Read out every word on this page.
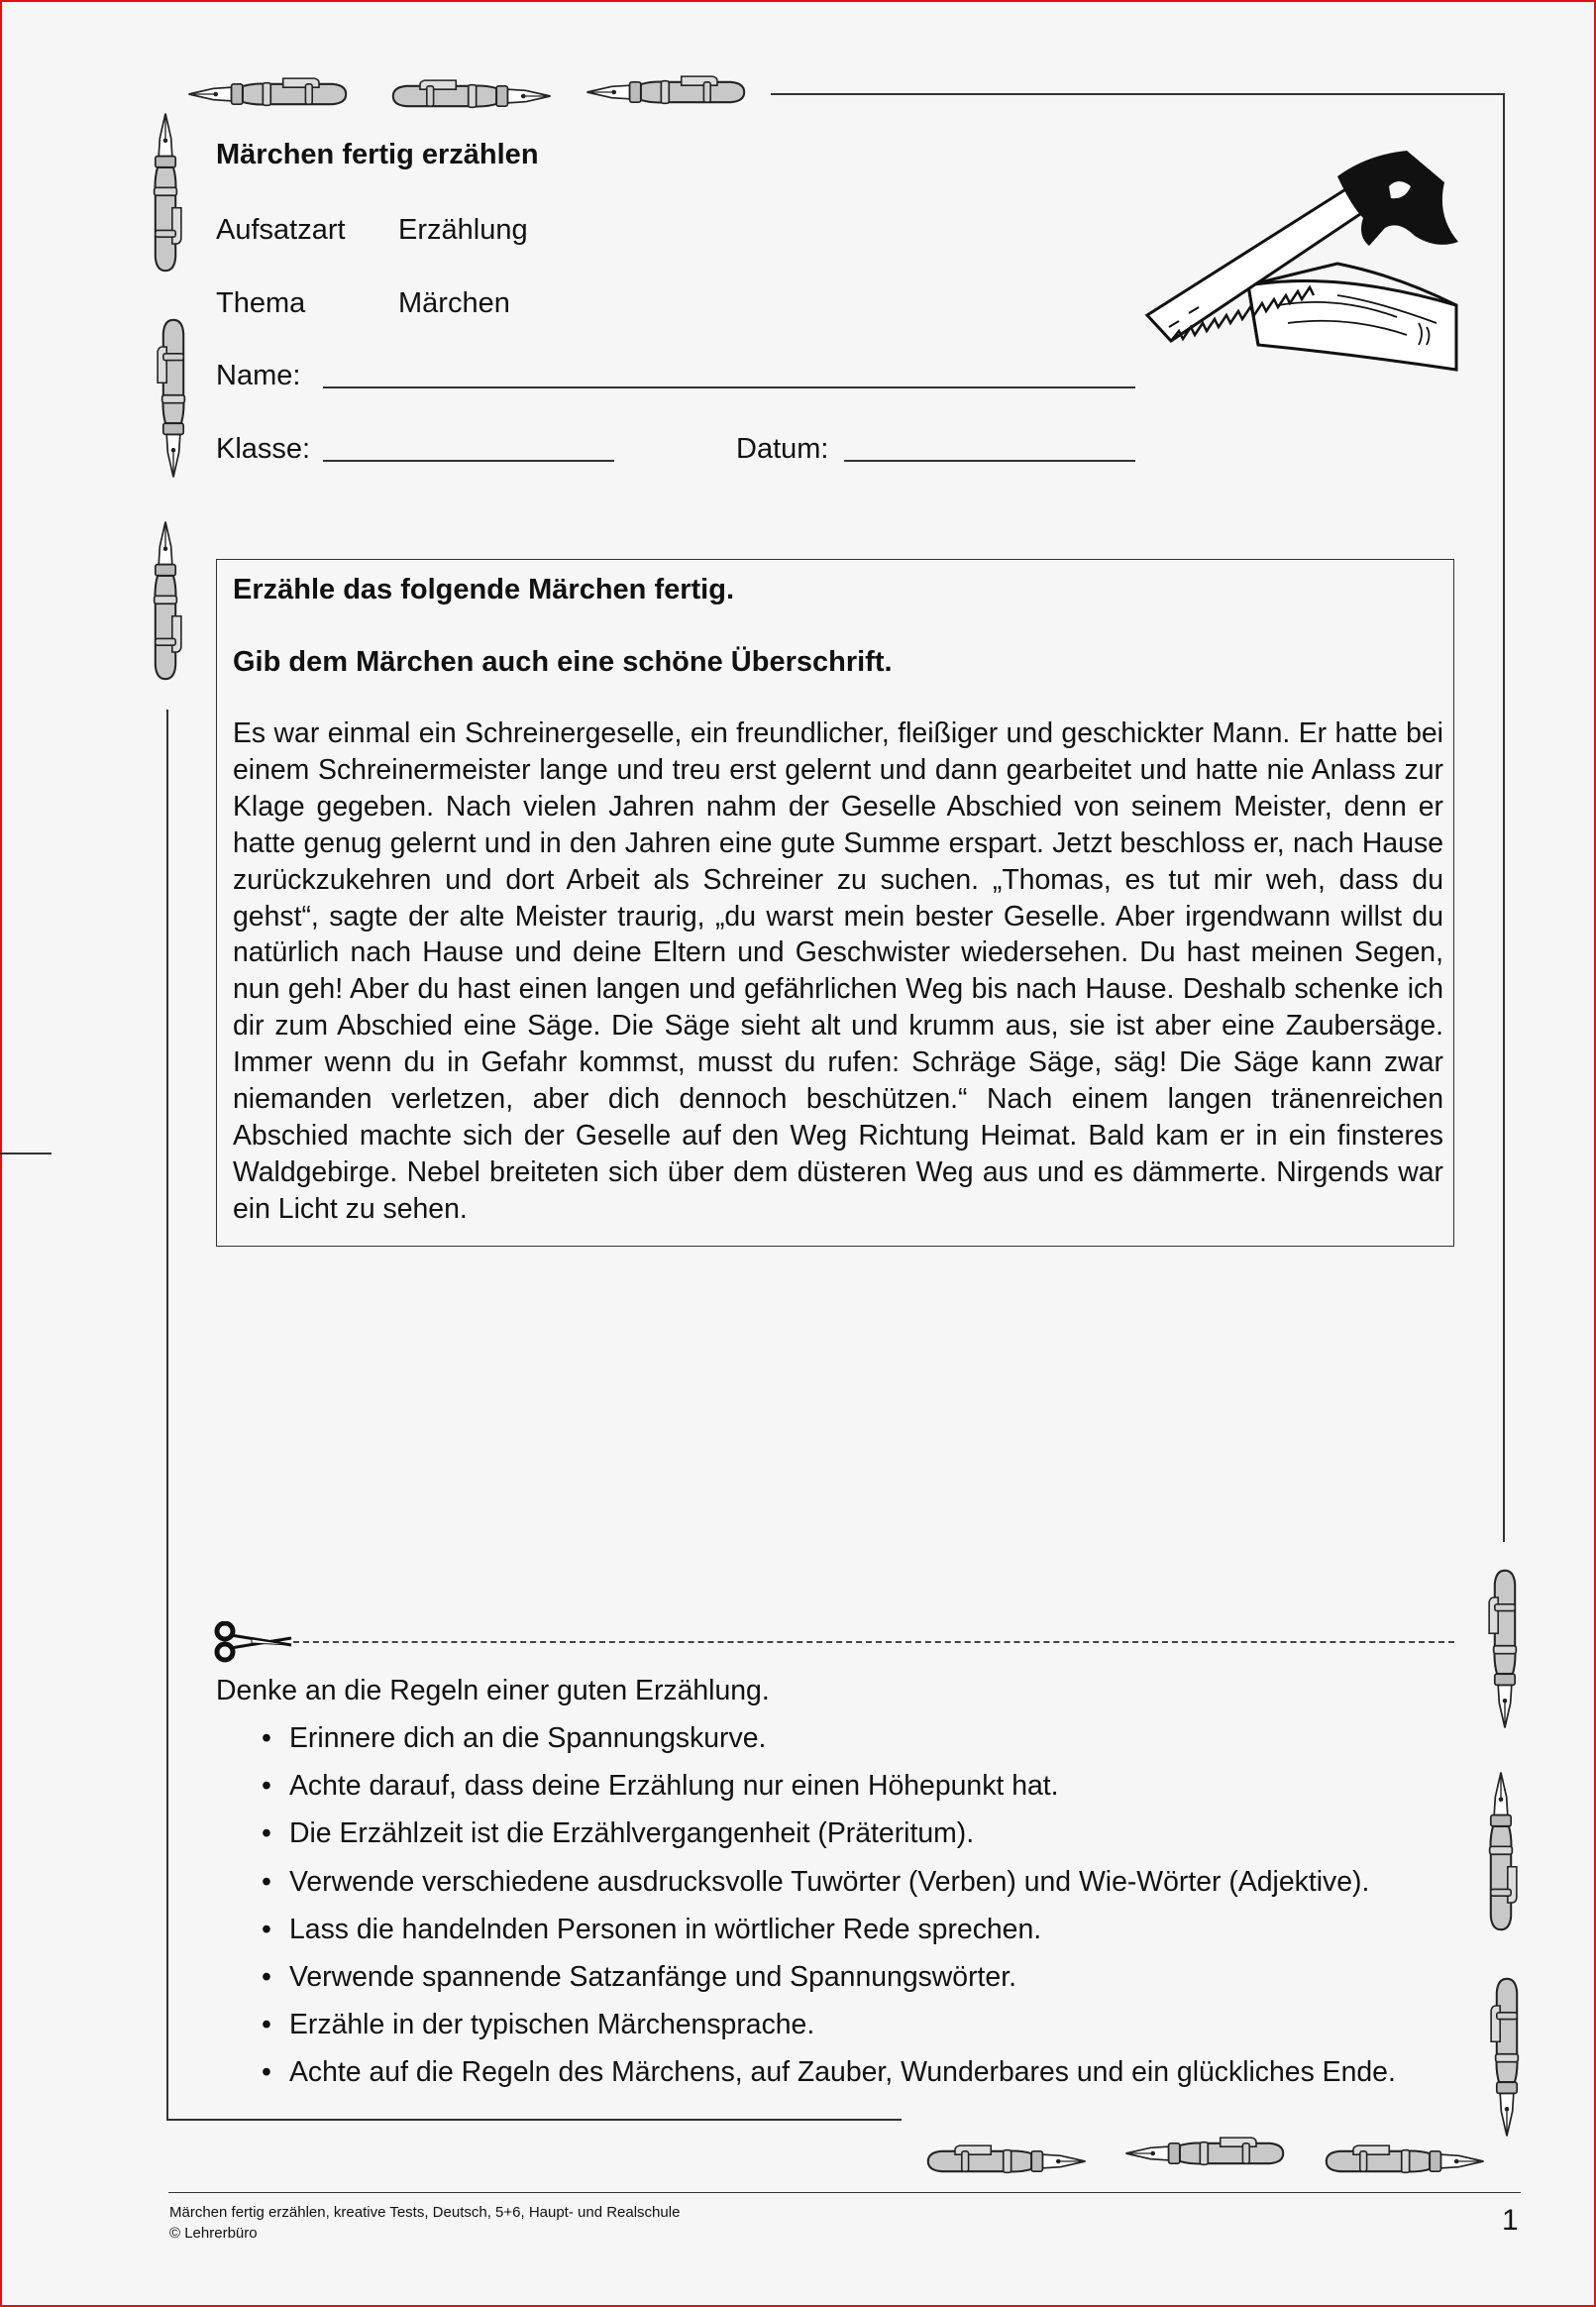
Märchen fertig erzählen
Aufsatzart Erzählung
Thema	Märchen
Name:
Klasse:	Datum:
Erzähle das folgende Märchen fertig.
Gib dem Märchen auch eine schöne Überschrift.

Es war einmal ein Schreinergeselle, ein freundlicher, fleißiger und geschickter Mann. Er hatte bei einem Schreinermeister lange und treu erst gelernt und dann gearbeitet und hatte nie Anlass zur Klage gegeben. Nach vielen Jahren nahm der Geselle Abschied von seinem Meister, denn er hatte genug gelernt und in den Jahren eine gute Summe erspart. Jetzt beschloss er, nach Hause zurückzukehren und dort Arbeit als Schreiner zu suchen. „Thomas, es tut mir weh, dass du gehst“, sagte der alte Meister traurig, „du warst mein bester Geselle. Aber irgendwann willst du natürlich nach Hause und deine Eltern und Geschwister wiedersehen. Du hast meinen Segen, nun geh! Aber du hast einen langen und gefährlichen Weg bis nach Hause. Deshalb schenke ich dir zum Abschied eine Säge. Die Säge sieht alt und krumm aus, sie ist aber eine Zaubersäge. Immer wenn du in Gefahr kommst, musst du rufen: Schräge Säge, säg! Die Säge kann zwar niemanden verletzen, aber dich dennoch beschützen.“ Nach einem langen tränenreichen Abschied machte sich der Geselle auf den Weg Richtung Heimat. Bald kam er in ein finsteres Waldgebirge. Nebel breiteten sich über dem düsteren Weg aus und es dämmerte. Nirgends war ein Licht zu sehen.

Denke an die Regeln einer guten Erzählung.
• Erinnere dich an die Spannungskurve.
• Achte darauf, dass deine Erzählung nur einen Höhepunkt hat.
• Die Erzählzeit ist die Erzählvergangenheit (Präteritum).
• Verwende verschiedene ausdrucksvolle Tuwörter (Verben) und Wie-Wörter (Adjektive).
• Lass die handelnden Personen in wörtlicher Rede sprechen.
• Verwende spannende Satzanfänge und Spannungswörter.
• Erzähle in der typischen Märchensprache.
• Achte auf die Regeln des Märchens, auf Zauber, Wunderbares und ein glückliches Ende.
Märchen fertig erzählen, kreative Tests, Deutsch, 5+6, Haupt- und Realschule
© Lehrerbüro	1
